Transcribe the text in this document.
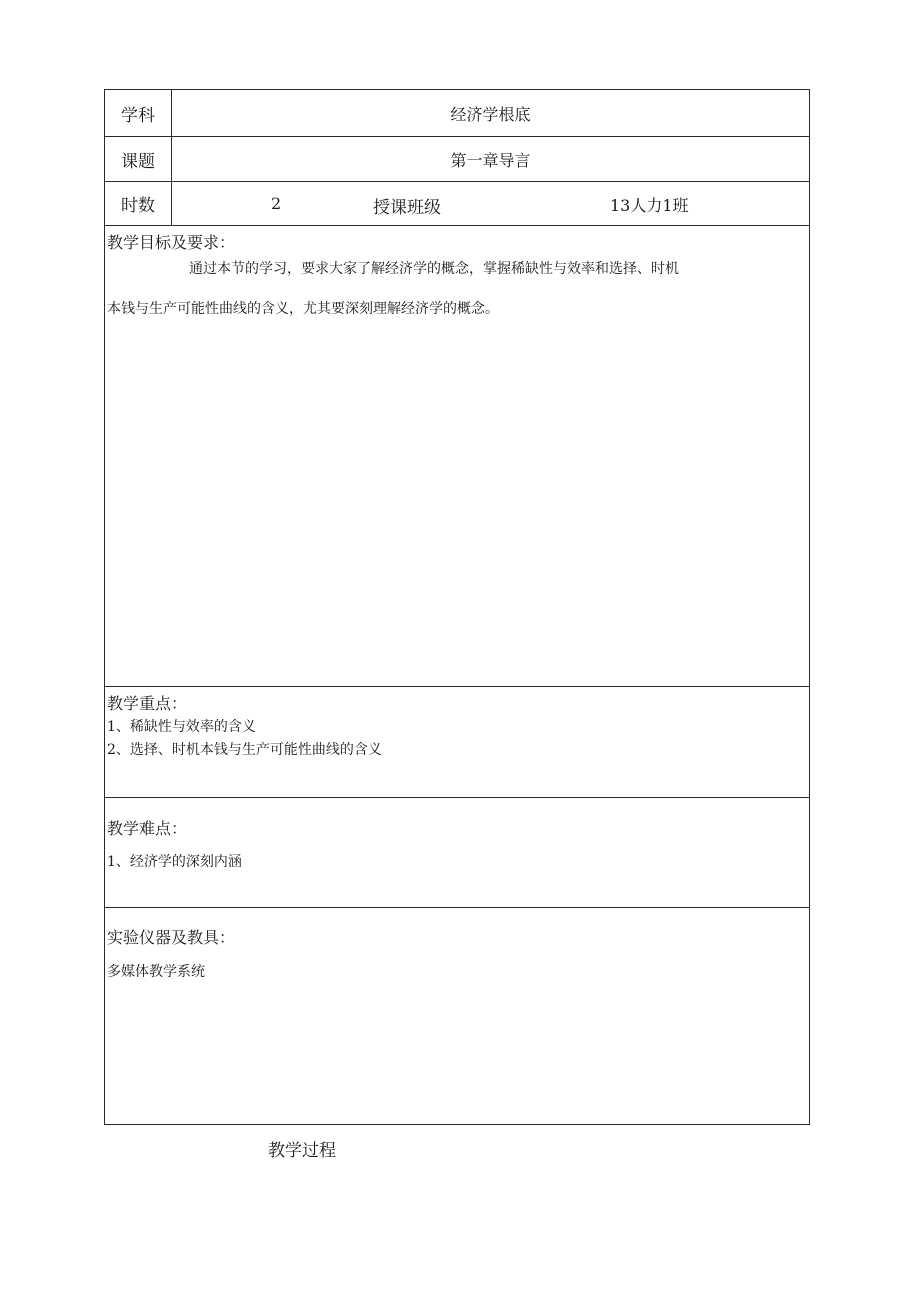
学科	经济学根底
课题	第一章导言
时数	2	授课班级	13人力1班
教学目标及要求：
通过本节的学习，要求大家了解经济学的概念，掌握稀缺性与效率和选择、时机
本钱与生产可能性曲线的含义，尤其要深刻理解经济学的概念。
教学重点：
1、稀缺性与效率的含义
2、选择、时机本钱与生产可能性曲线的含义
教学难点：
1、经济学的深刻内涵
实验仪器及教具：
多媒体教学系统
教学过程
